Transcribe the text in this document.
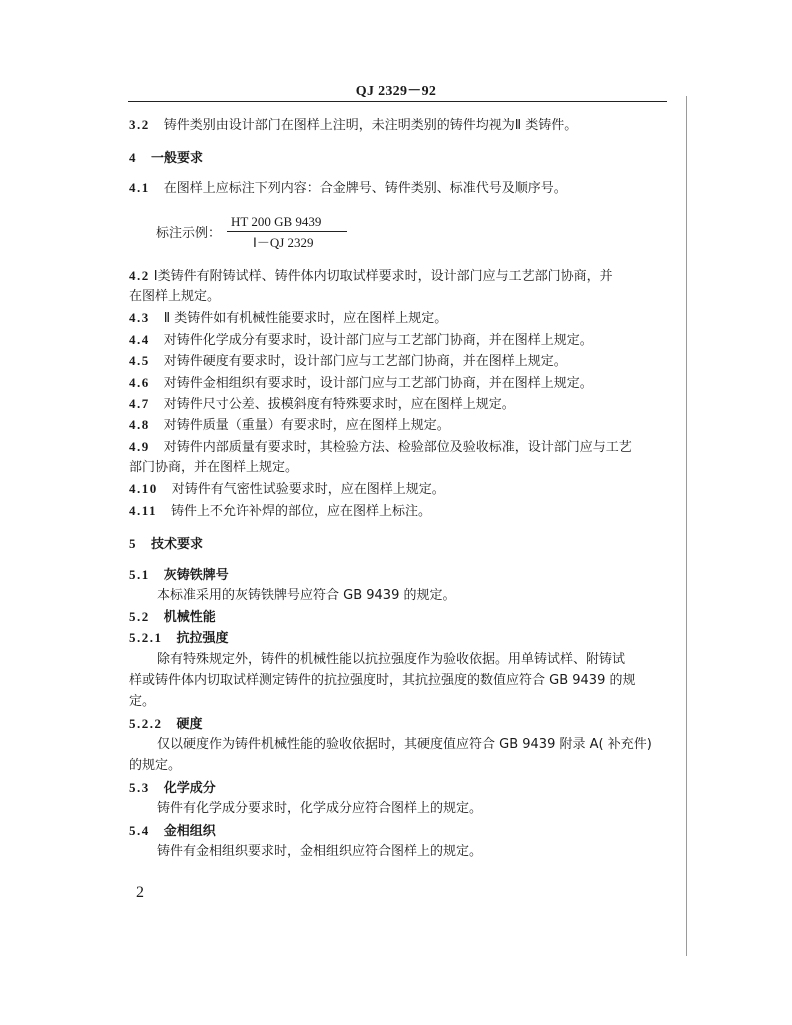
QJ 2329－92
3.2 铸件类别由设计部门在图样上注明，未注明类别的铸件均视为Ⅱ 类铸件。
4 一般要求
4.1 在图样上应标注下列内容：合金牌号、铸件类别、标准代号及顺序号。
标注示例：
HT 200 GB 9439
Ⅰ－QJ 2329
4.2 Ⅰ类铸件有附铸试样、铸件体内切取试样要求时，设计部门应与工艺部门协商，并
在图样上规定。
4.3 Ⅱ 类铸件如有机械性能要求时，应在图样上规定。
4.4 对铸件化学成分有要求时，设计部门应与工艺部门协商，并在图样上规定。
4.5 对铸件硬度有要求时，设计部门应与工艺部门协商，并在图样上规定。
4.6 对铸件金相组织有要求时，设计部门应与工艺部门协商，并在图样上规定。
4.7 对铸件尺寸公差、拔模斜度有特殊要求时，应在图样上规定。
4.8 对铸件质量（重量）有要求时，应在图样上规定。
4.9 对铸件内部质量有要求时，其检验方法、检验部位及验收标准，设计部门应与工艺
部门协商，并在图样上规定。
4.10 对铸件有气密性试验要求时，应在图样上规定。
4.11 铸件上不允许补焊的部位，应在图样上标注。
5 技术要求
5.1 灰铸铁牌号
本标准采用的灰铸铁牌号应符合 GB 9439 的规定。
5.2 机械性能
5.2.1 抗拉强度
除有特殊规定外，铸件的机械性能以抗拉强度作为验收依据。用单铸试样、附铸试
样或铸件体内切取试样测定铸件的抗拉强度时，其抗拉强度的数值应符合 GB 9439 的规
定。
5.2.2 硬度
仅以硬度作为铸件机械性能的验收依据时，其硬度值应符合 GB 9439 附录 A( 补充件)
的规定。
5.3 化学成分
铸件有化学成分要求时，化学成分应符合图样上的规定。
5.4 金相组织
铸件有金相组织要求时，金相组织应符合图样上的规定。
2
